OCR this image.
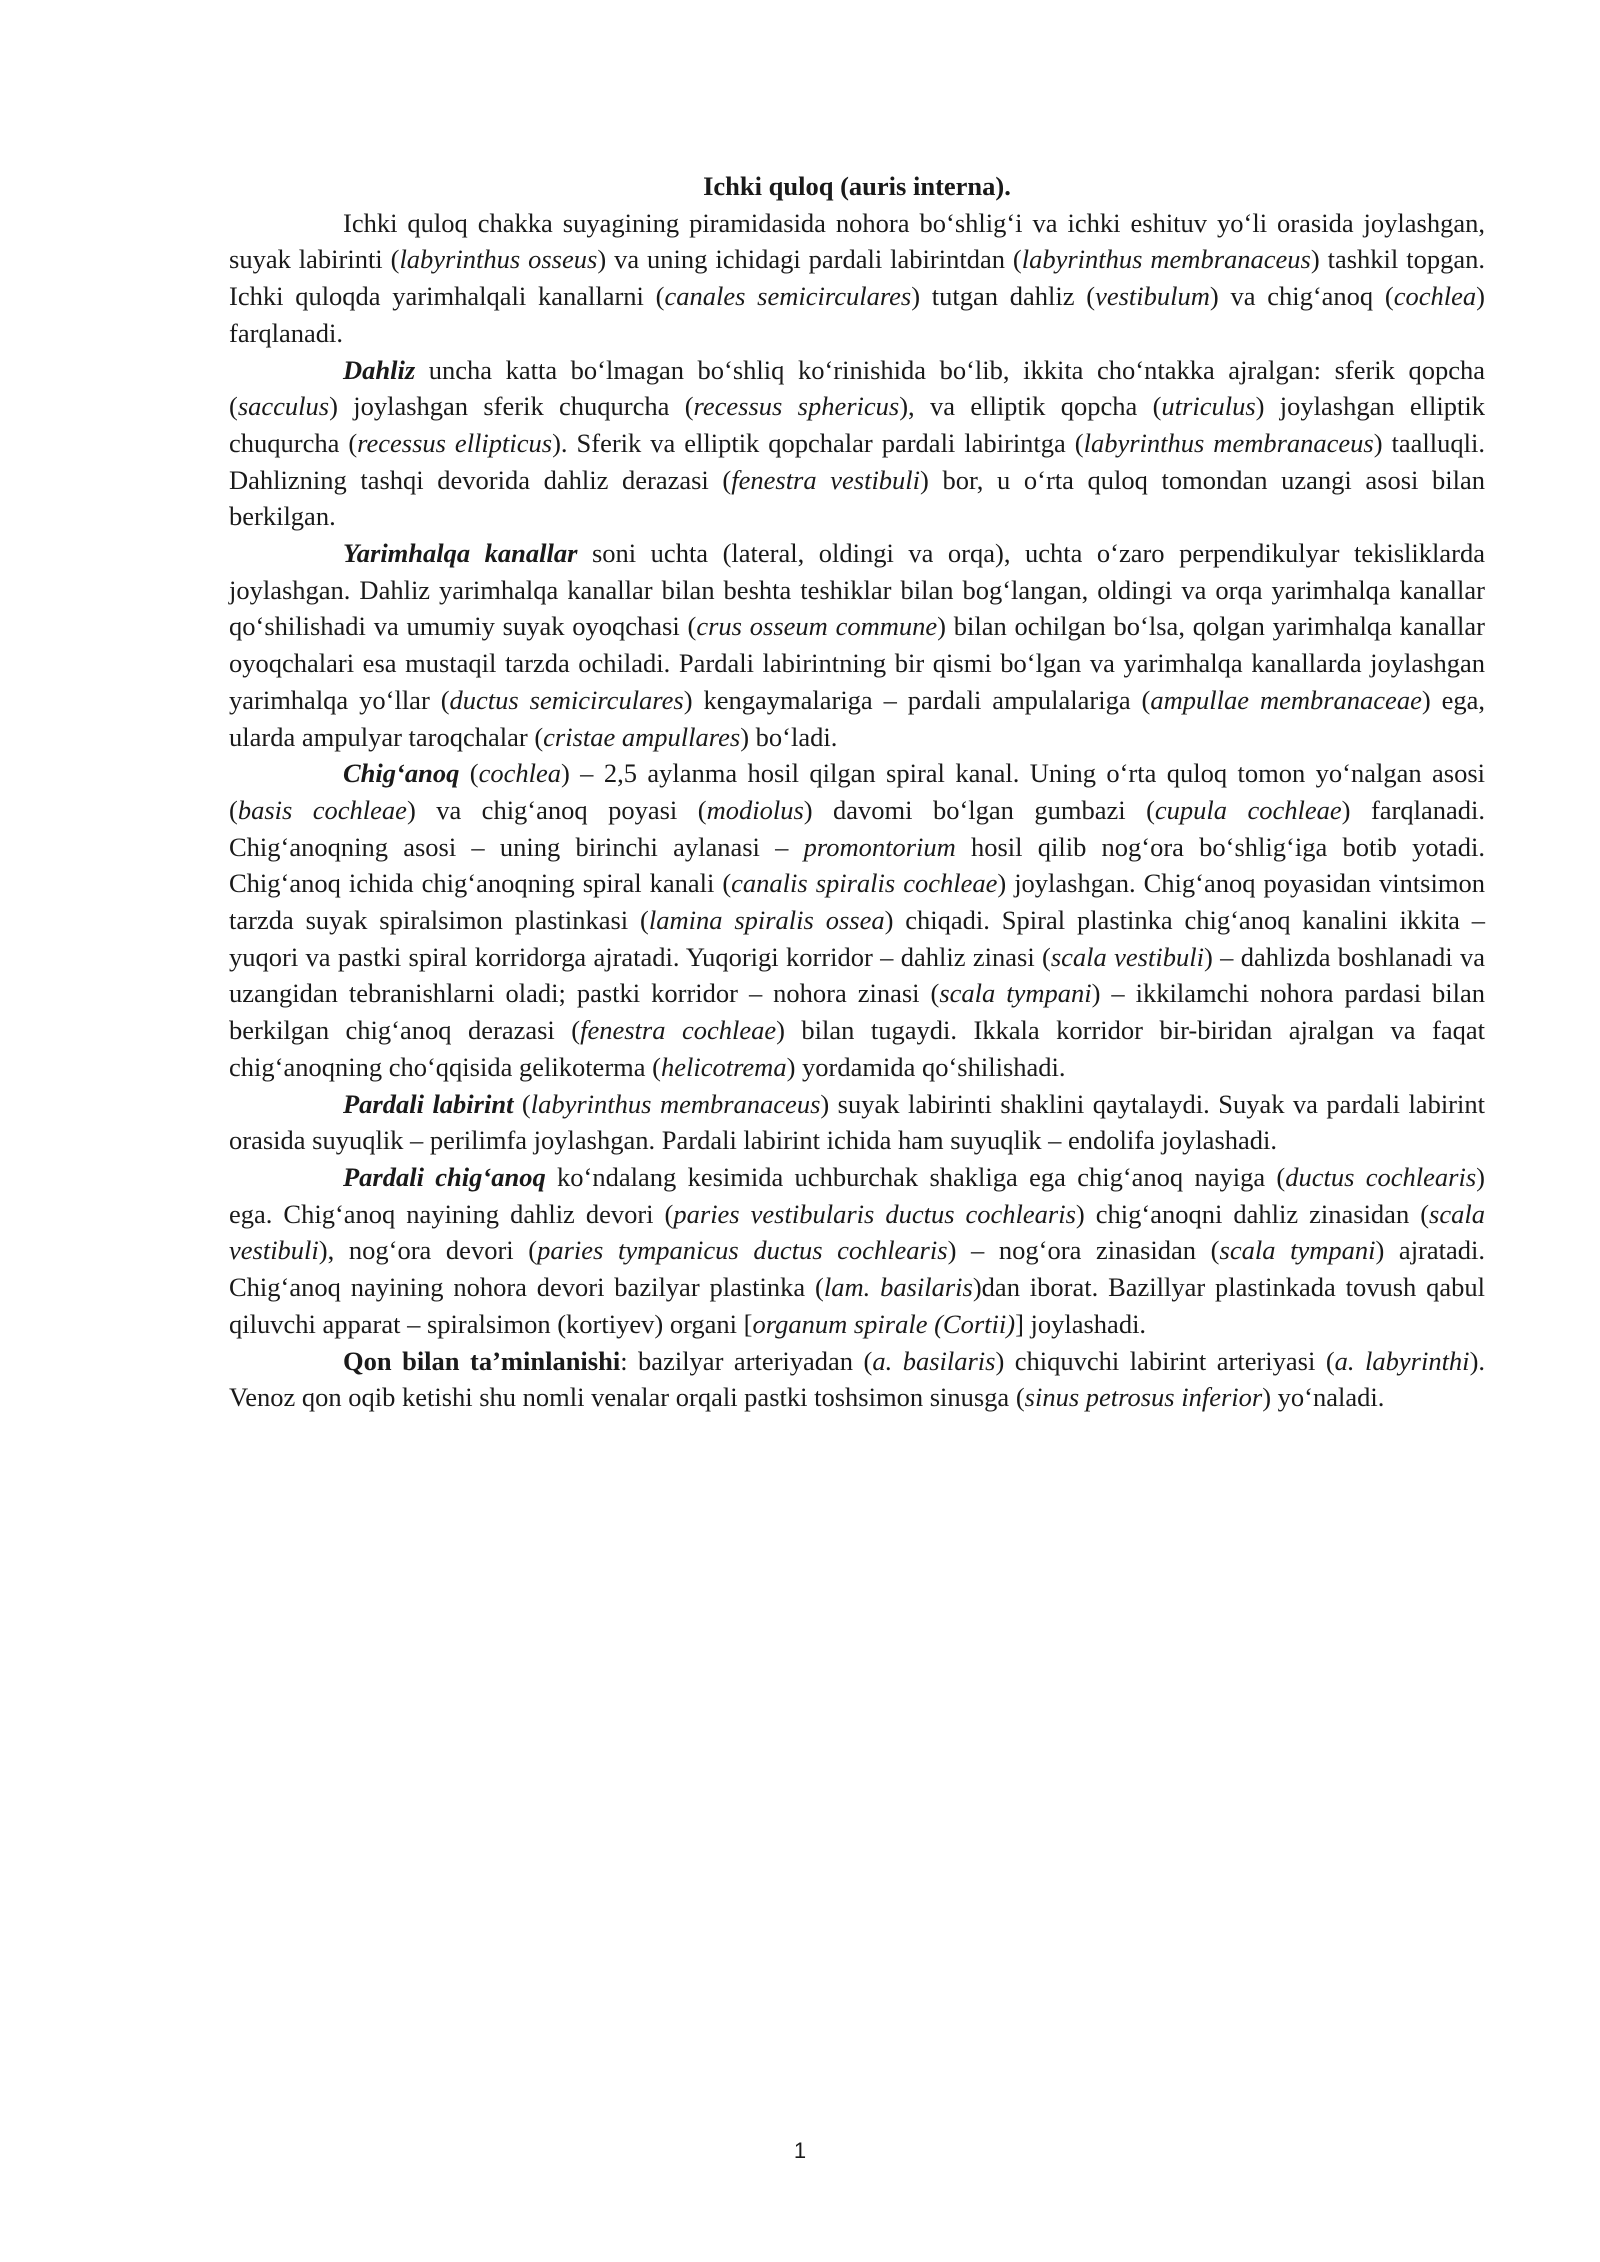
Ichki quloq (auris interna).

Ichki quloq chakka suyagining piramidasida nohora bo‘shlig‘i va ichki eshituv yo‘li orasida joylashgan, suyak labirinti (labyrinthus osseus) va uning ichidagi pardali labirintdan (labyrinthus membranaceus) tashkil topgan. Ichki quloqda yarimhalqali kanallarni (canales semicirculares) tutgan dahliz (vestibulum) va chig‘anoq (cochlea) farqlanadi.

Dahliz uncha katta bo‘lmagan bo‘shliq ko‘rinishida bo‘lib, ikkita cho‘ntakka ajralgan: sferik qopcha (sacculus) joylashgan sferik chuqurcha (recessus sphericus), va elliptik qopcha (utriculus) joylashgan elliptik chuqurcha (recessus ellipticus). Sferik va elliptik qopchalar pardali labirintga (labyrinthus membranaceus) taalluqli. Dahlizning tashqi devorida dahliz derazasi (fenestra vestibuli) bor, u o‘rta quloq tomondan uzangi asosi bilan berkilgan.

Yarimhalqa kanallar soni uchta (lateral, oldingi va orqa), uchta o‘zaro perpendikulyar tekisliklarda joylashgan. Dahliz yarimhalqa kanallar bilan beshta teshiklar bilan bog‘langan, oldingi va orqa yarimhalqa kanallar qo‘shilishadi va umumiy suyak oyoqchasi (crus osseum commune) bilan ochilgan bo‘lsa, qolgan yarimhalqa kanallar oyoqchalari esa mustaqil tarzda ochiladi. Pardali labirintning bir qismi bo‘lgan va yarimhalqa kanallarda joylashgan yarimhalqa yo‘llar (ductus semicirculares) kengaymalariga – pardali ampulalariga (ampullae membranaceae) ega, ularda ampulyar taroqchalar (cristae ampullares) bo‘ladi.

Chig‘anoq (cochlea) – 2,5 aylanma hosil qilgan spiral kanal. Uning o‘rta quloq tomon yo‘nalgan asosi (basis cochleae) va chig‘anoq poyasi (modiolus) davomi bo‘lgan gumbazi (cupula cochleae) farqlanadi. Chig‘anoqning asosi – uning birinchi aylanasi – promontorium hosil qilib nog‘ora bo‘shlig‘iga botib yotadi. Chig‘anoq ichida chig‘anoqning spiral kanali (canalis spiralis cochleae) joylashgan. Chig‘anoq poyasidan vintsimon tarzda suyak spiralsimon plastinkasi (lamina spiralis ossea) chiqadi. Spiral plastinka chig‘anoq kanalini ikkita – yuqori va pastki spiral korridorga ajratadi. Yuqorigi korridor – dahliz zinasi (scala vestibuli) – dahlizda boshlanadi va uzangidan tebranishlarni oladi; pastki korridor – nohora zinasi (scala tympani) – ikkilamchi nohora pardasi bilan berkilgan chig‘anoq derazasi (fenestra cochleae) bilan tugaydi. Ikkala korridor bir-biridan ajralgan va faqat chig‘anoqning cho‘qqisida gelikoterma (helicotrema) yordamida qo‘shilishadi.

Pardali labirint (labyrinthus membranaceus) suyak labirinti shaklini qaytalaydi. Suyak va pardali labirint orasida suyuqlik – perilimfa joylashgan. Pardali labirint ichida ham suyuqlik – endolifa joylashadi.

Pardali chig‘anoq ko‘ndalang kesimida uchburchak shakliga ega chig‘anoq nayiga (ductus cochlearis) ega. Chig‘anoq nayining dahliz devori (paries vestibularis ductus cochlearis) chig‘anoqni dahliz zinasidan (scala vestibuli), nog‘ora devori (paries tympanicus ductus cochlearis) – nog‘ora zinasidan (scala tympani) ajratadi. Chig‘anoq nayining nohora devori bazilyar plastinka (lam. basilaris)dan iborat. Bazillyar plastinkada tovush qabul qiluvchi apparat – spiralsimon (kortiyev) organi [organum spirale (Cortii)] joylashadi.

Qon bilan ta’minlanishi: bazilyar arteriyadan (a. basilaris) chiquvchi labirint arteriyasi (a. labyrinthi). Venoz qon oqib ketishi shu nomli venalar orqali pastki toshsimon sinusga (sinus petrosus inferior) yo‘naladi.

1
